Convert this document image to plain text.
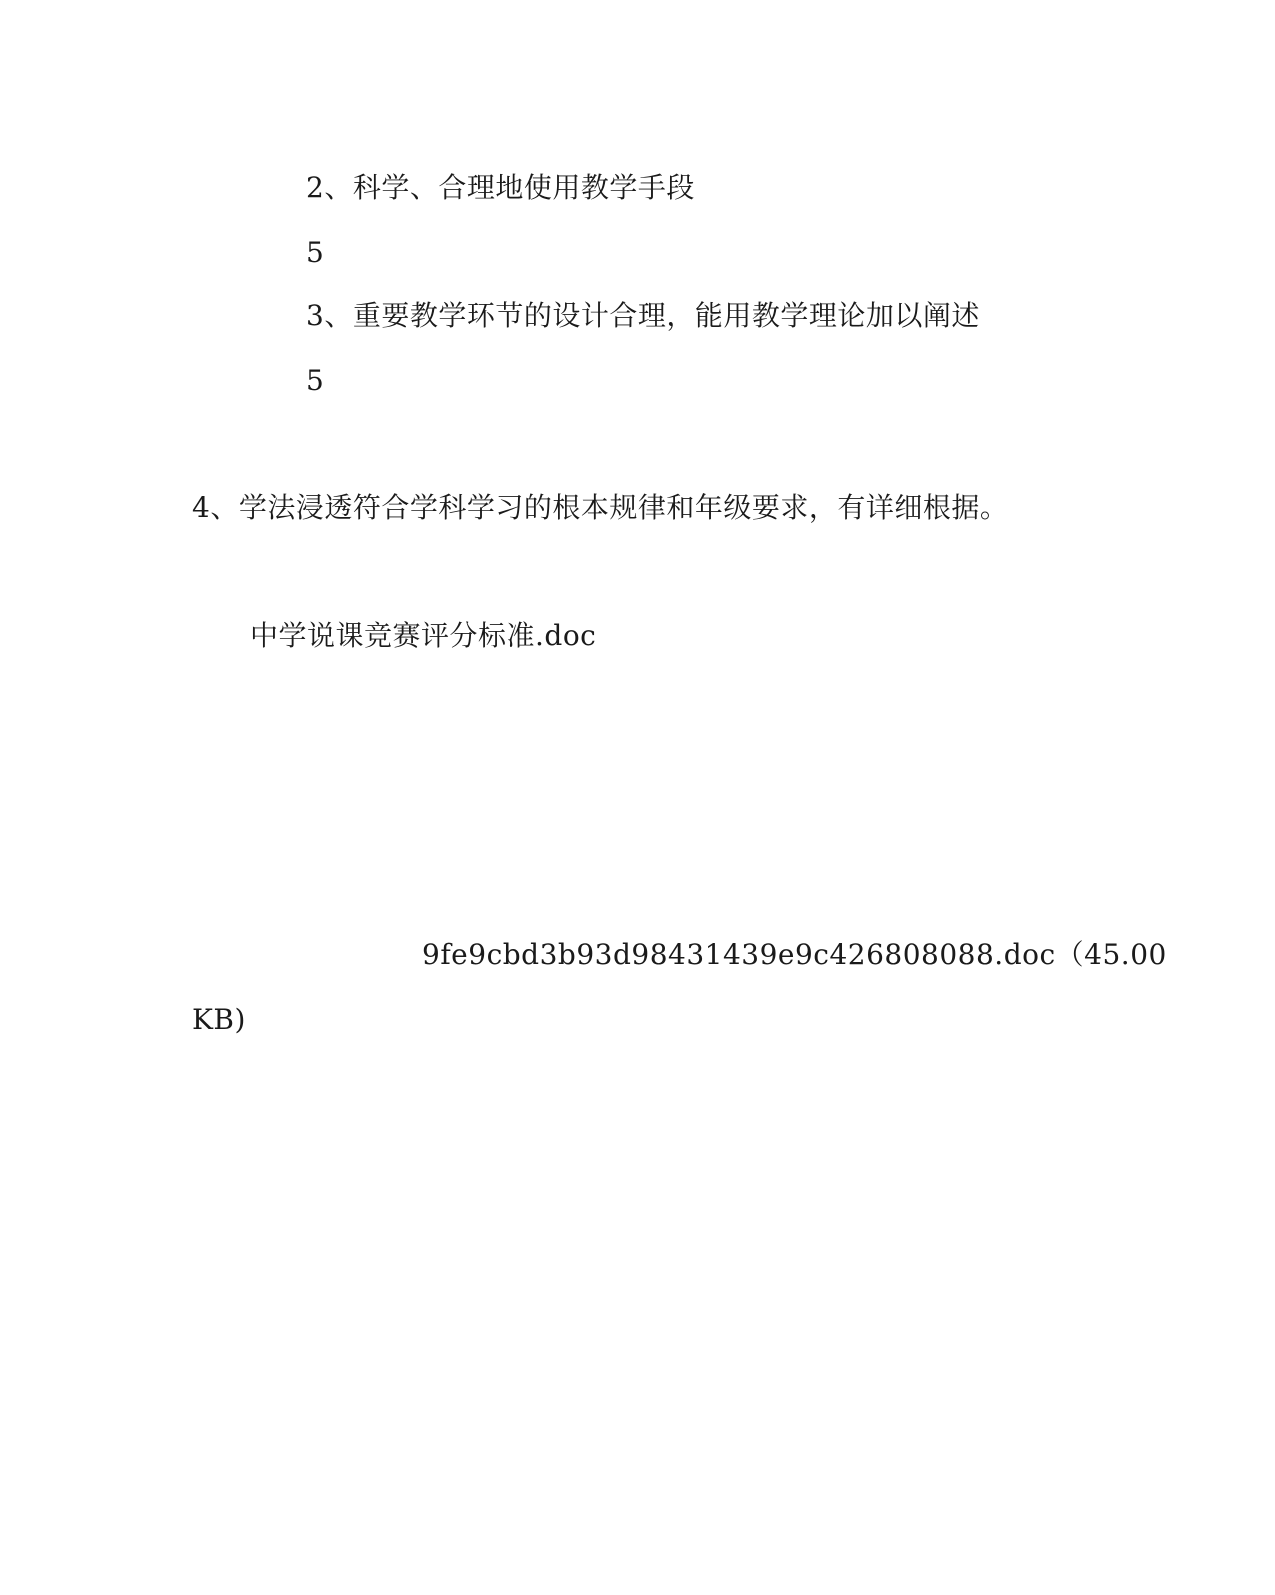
2、科学、合理地使用教学手段
5
3、重要教学环节的设计合理，能用教学理论加以阐述
5
4、学法浸透符合学科学习的根本规律和年级要求，有详细根据。
中学说课竞赛评分标准.doc
9fe9cbd3b93d98431439e9c426808088.doc（45.00
KB)
